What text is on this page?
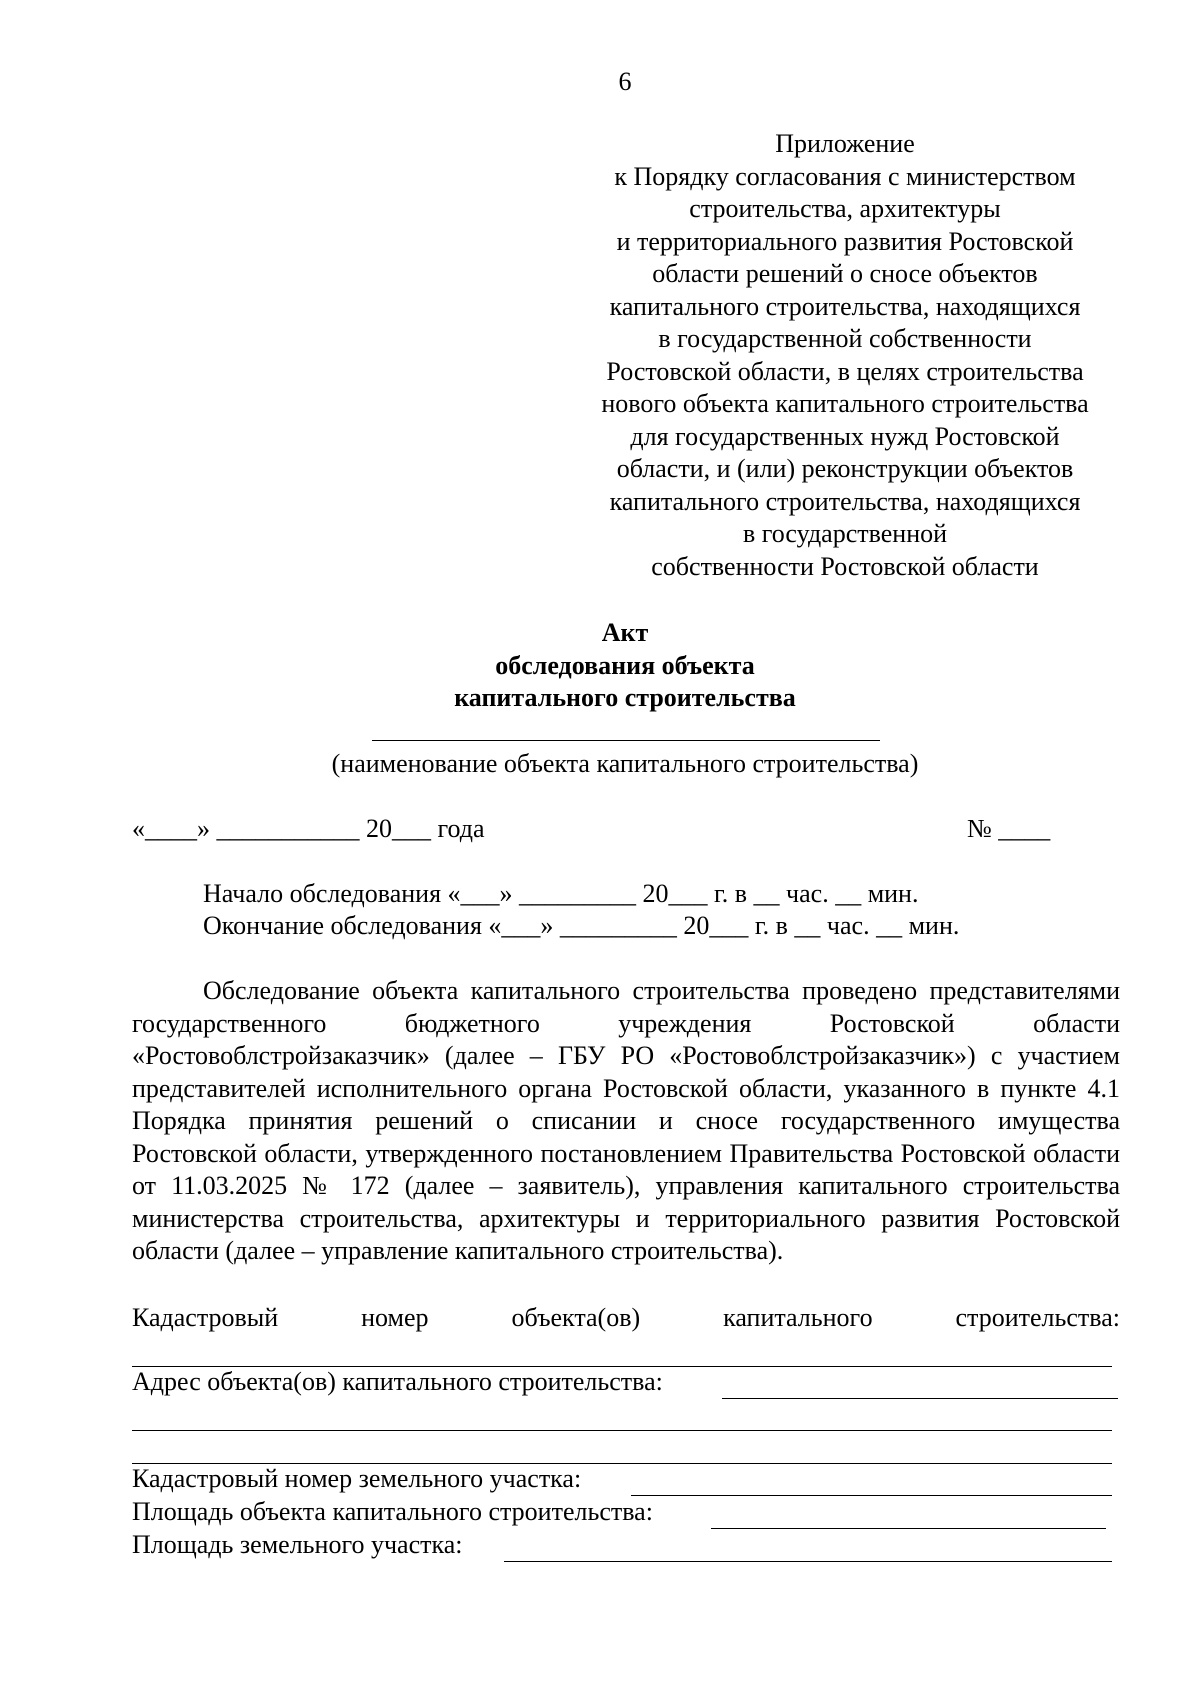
6
Приложение
к Порядку согласования с министерством
строительства, архитектуры
и территориального развития Ростовской
области решений о сносе объектов
капитального строительства, находящихся
в государственной собственности
Ростовской области, в целях строительства
нового объекта капитального строительства
для государственных нужд Ростовской
области, и (или) реконструкции объектов
капитального строительства, находящихся
в государственной
собственности Ростовской области
Акт
обследования объекта
капитального строительства
(наименование объекта капитального строительства)
«____» ___________ 20___ года	№ ____
Начало обследования «___» _________ 20___ г. в __ час. __ мин.
Окончание обследования «___» _________ 20___ г. в __ час. __ мин.

Обследование объекта капитального строительства проведено представителями государственного бюджетного учреждения Ростовской области «Ростовоблстройзаказчик» (далее – ГБУ РО «Ростовоблстройзаказчик») с участием представителей исполнительного органа Ростовской области, указанного в пункте 4.1 Порядка принятия решений о списании и сносе государственного имущества Ростовской области, утвержденного постановлением Правительства Ростовской области от 11.03.2025 № 172 (далее – заявитель), управления капитального строительства министерства строительства, архитектуры и территориального развития Ростовской области (далее – управление капитального строительства).

Кадастровый	номер	объекта(ов)	капитального	строительства:
Адрес объекта(ов) капитального строительства:
Кадастровый номер земельного участка:
Площадь объекта капитального строительства:
Площадь земельного участка:
